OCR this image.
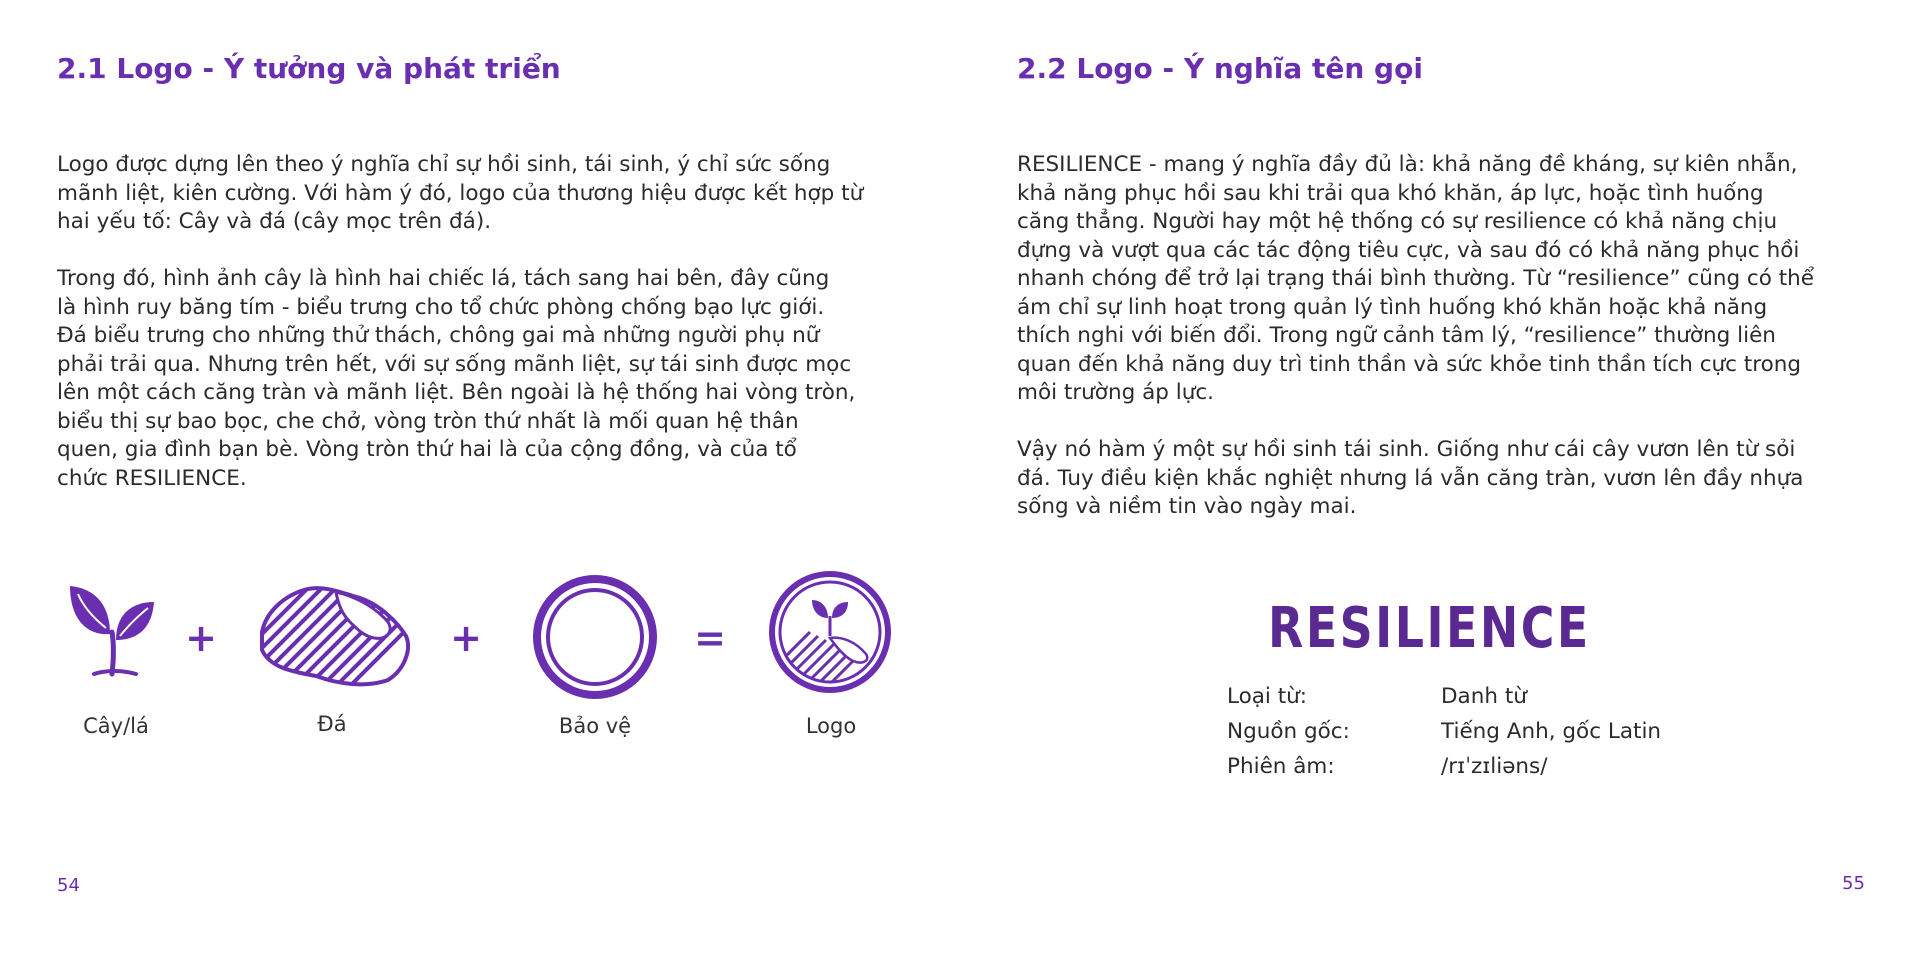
2.1 Logo - Ý tưởng và phát triển
Logo được dựng lên theo ý nghĩa chỉ sự hồi sinh, tái sinh, ý chỉ sức sống
mãnh liệt, kiên cường. Với hàm ý đó, logo của thương hiệu được kết hợp từ
hai yếu tố: Cây và đá (cây mọc trên đá).
Trong đó, hình ảnh cây là hình hai chiếc lá, tách sang hai bên, đây cũng
là hình ruy băng tím - biểu trưng cho tổ chức phòng chống bạo lực giới.
Đá biểu trưng cho những thử thách, chông gai mà những người phụ nữ
phải trải qua. Nhưng trên hết, với sự sống mãnh liệt, sự tái sinh được mọc
lên một cách căng tràn và mãnh liệt. Bên ngoài là hệ thống hai vòng tròn,
biểu thị sự bao bọc, che chở, vòng tròn thứ nhất là mối quan hệ thân
quen, gia đình bạn bè. Vòng tròn thứ hai là của cộng đồng, và của tổ
chức RESILIENCE.
+	+	=
Cây/lá	Đá	Bảo vệ	Logo
54
2.2 Logo - Ý nghĩa tên gọi
RESILIENCE - mang ý nghĩa đầy đủ là: khả năng đề kháng, sự kiên nhẫn,
khả năng phục hồi sau khi trải qua khó khăn, áp lực, hoặc tình huống
căng thẳng. Người hay một hệ thống có sự resilience có khả năng chịu
đựng và vượt qua các tác động tiêu cực, và sau đó có khả năng phục hồi
nhanh chóng để trở lại trạng thái bình thường. Từ “resilience” cũng có thể
ám chỉ sự linh hoạt trong quản lý tình huống khó khăn hoặc khả năng
thích nghi với biến đổi. Trong ngữ cảnh tâm lý, “resilience” thường liên
quan đến khả năng duy trì tinh thần và sức khỏe tinh thần tích cực trong
môi trường áp lực.
Vậy nó hàm ý một sự hồi sinh tái sinh. Giống như cái cây vươn lên từ sỏi
đá. Tuy điều kiện khắc nghiệt nhưng lá vẫn căng tràn, vươn lên đầy nhựa
sống và niềm tin vào ngày mai.
RESILIENCE
Loại từ:	Danh từ
Nguồn gốc:	Tiếng Anh, gốc Latin
Phiên âm:	/rɪˈzɪliəns/
55
